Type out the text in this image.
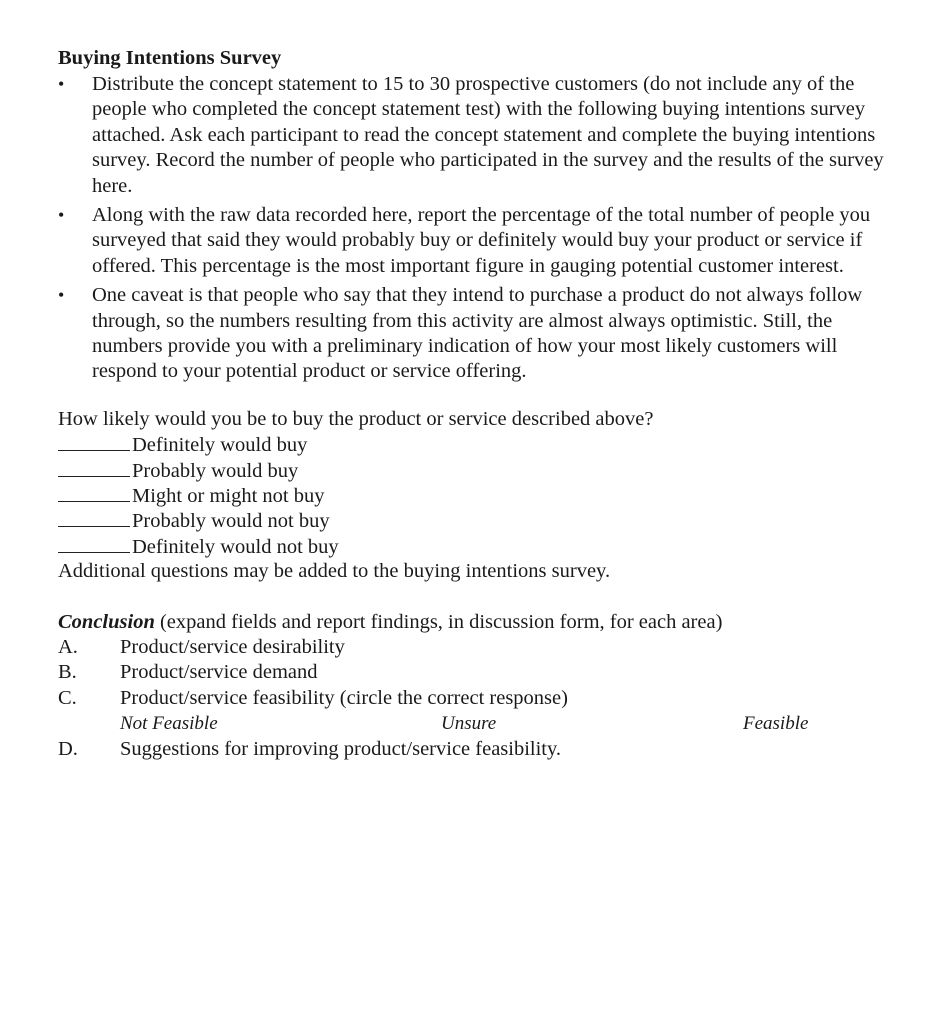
Buying Intentions Survey
•	Distribute the concept statement to 15 to 30 prospective customers (do not include any of the people who completed the concept statement test) with the following buying intentions survey attached. Ask each participant to read the concept statement and complete the buying intentions survey. Record the number of people who participated in the survey and the results of the survey here.
•	Along with the raw data recorded here, report the percentage of the total number of people you surveyed that said they would probably buy or definitely would buy your product or service if offered. This percentage is the most important figure in gauging potential customer interest.
•	One caveat is that people who say that they intend to purchase a product do not always follow through, so the numbers resulting from this activity are almost always optimistic. Still, the numbers provide you with a preliminary indication of how your most likely customers will respond to your potential product or service offering.
How likely would you be to buy the product or service described above?
Definitely would buy
Probably would buy
Might or might not buy
Probably would not buy
Definitely would not buy
Additional questions may be added to the buying intentions survey.
Conclusion (expand fields and report findings, in discussion form, for each area)
A.	Product/service desirability
B.	Product/service demand
C.	Product/service feasibility (circle the correct response)
Not Feasible	Unsure	Feasible
D.	Suggestions for improving product/service feasibility.
